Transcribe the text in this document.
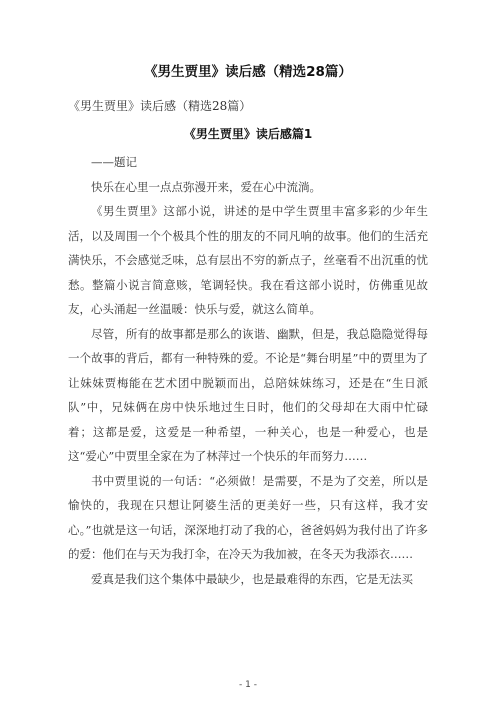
《男生贾里》读后感（精选28篇）
《男生贾里》读后感（精选28篇）
《男生贾里》读后感篇1

——题记

快乐在心里一点点弥漫开来，爱在心中流淌。

《男生贾里》这部小说，讲述的是中学生贾里丰富多彩的少年生活，以及周围一个个极具个性的朋友的不同凡响的故事。他们的生活充满快乐，不会感觉乏味，总有层出不穷的新点子，丝毫看不出沉重的忧愁。整篇小说言简意赅，笔调轻快。我在看这部小说时，仿佛重见故友，心头涌起一丝温暖：快乐与爱，就这么简单。

尽管，所有的故事都是那么的诙谐、幽默，但是，我总隐隐觉得每一个故事的背后，都有一种特殊的爱。不论是“舞台明星”中的贾里为了让妹妹贾梅能在艺术团中脱颖而出，总陪妹妹练习，还是在“生日派队”中，兄妹俩在房中快乐地过生日时，他们的父母却在大雨中忙碌着；这都是爱，这爱是一种希望，一种关心，也是一种爱心，也是这“爱心”中贾里全家在为了林萍过一个快乐的年而努力……

书中贾里说的一句话：“必须做！是需要，不是为了交差，所以是愉快的，我现在只想让阿婆生活的更美好一些，只有这样，我才安心。”也就是这一句话，深深地打动了我的心，爸爸妈妈为我付出了许多的爱：他们在与天为我打伞，在冷天为我加被，在冬天为我添衣……

爱真是我们这个集体中最缺少，也是最难得的东西，它是无法买

- 1 -
